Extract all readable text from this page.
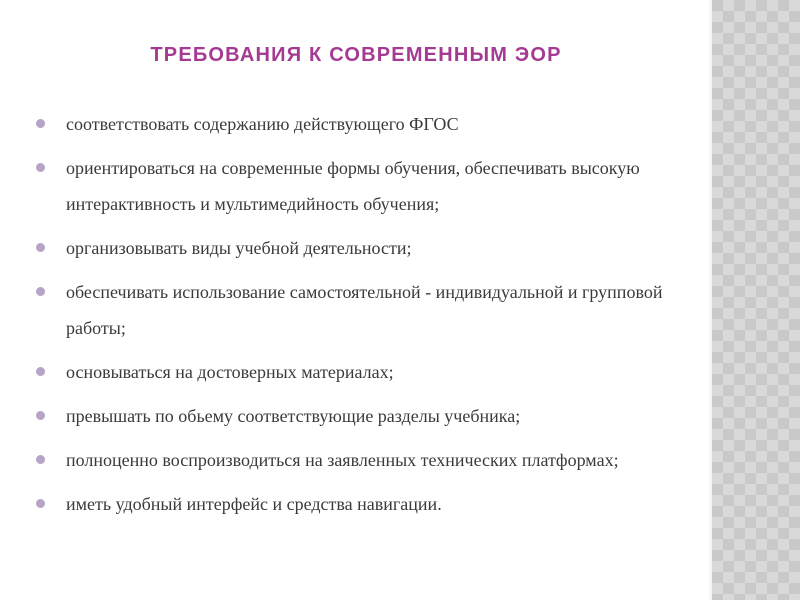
ТРЕБОВАНИЯ К СОВРЕМЕННЫМ ЭОР
соответствовать содержанию действующего ФГОС
ориентироваться на современные формы обучения, обеспечивать высокую интерактивность и мультимедийность обучения;
организовывать виды учебной деятельности;
обеспечивать использование самостоятельной - индивидуальной и групповой работы;
основываться на достоверных материалах;
превышать по обьему соответствующие разделы учебника;
полноценно воспроизводиться на заявленных технических платформах;
иметь удобный интерфейс и средства навигации.
